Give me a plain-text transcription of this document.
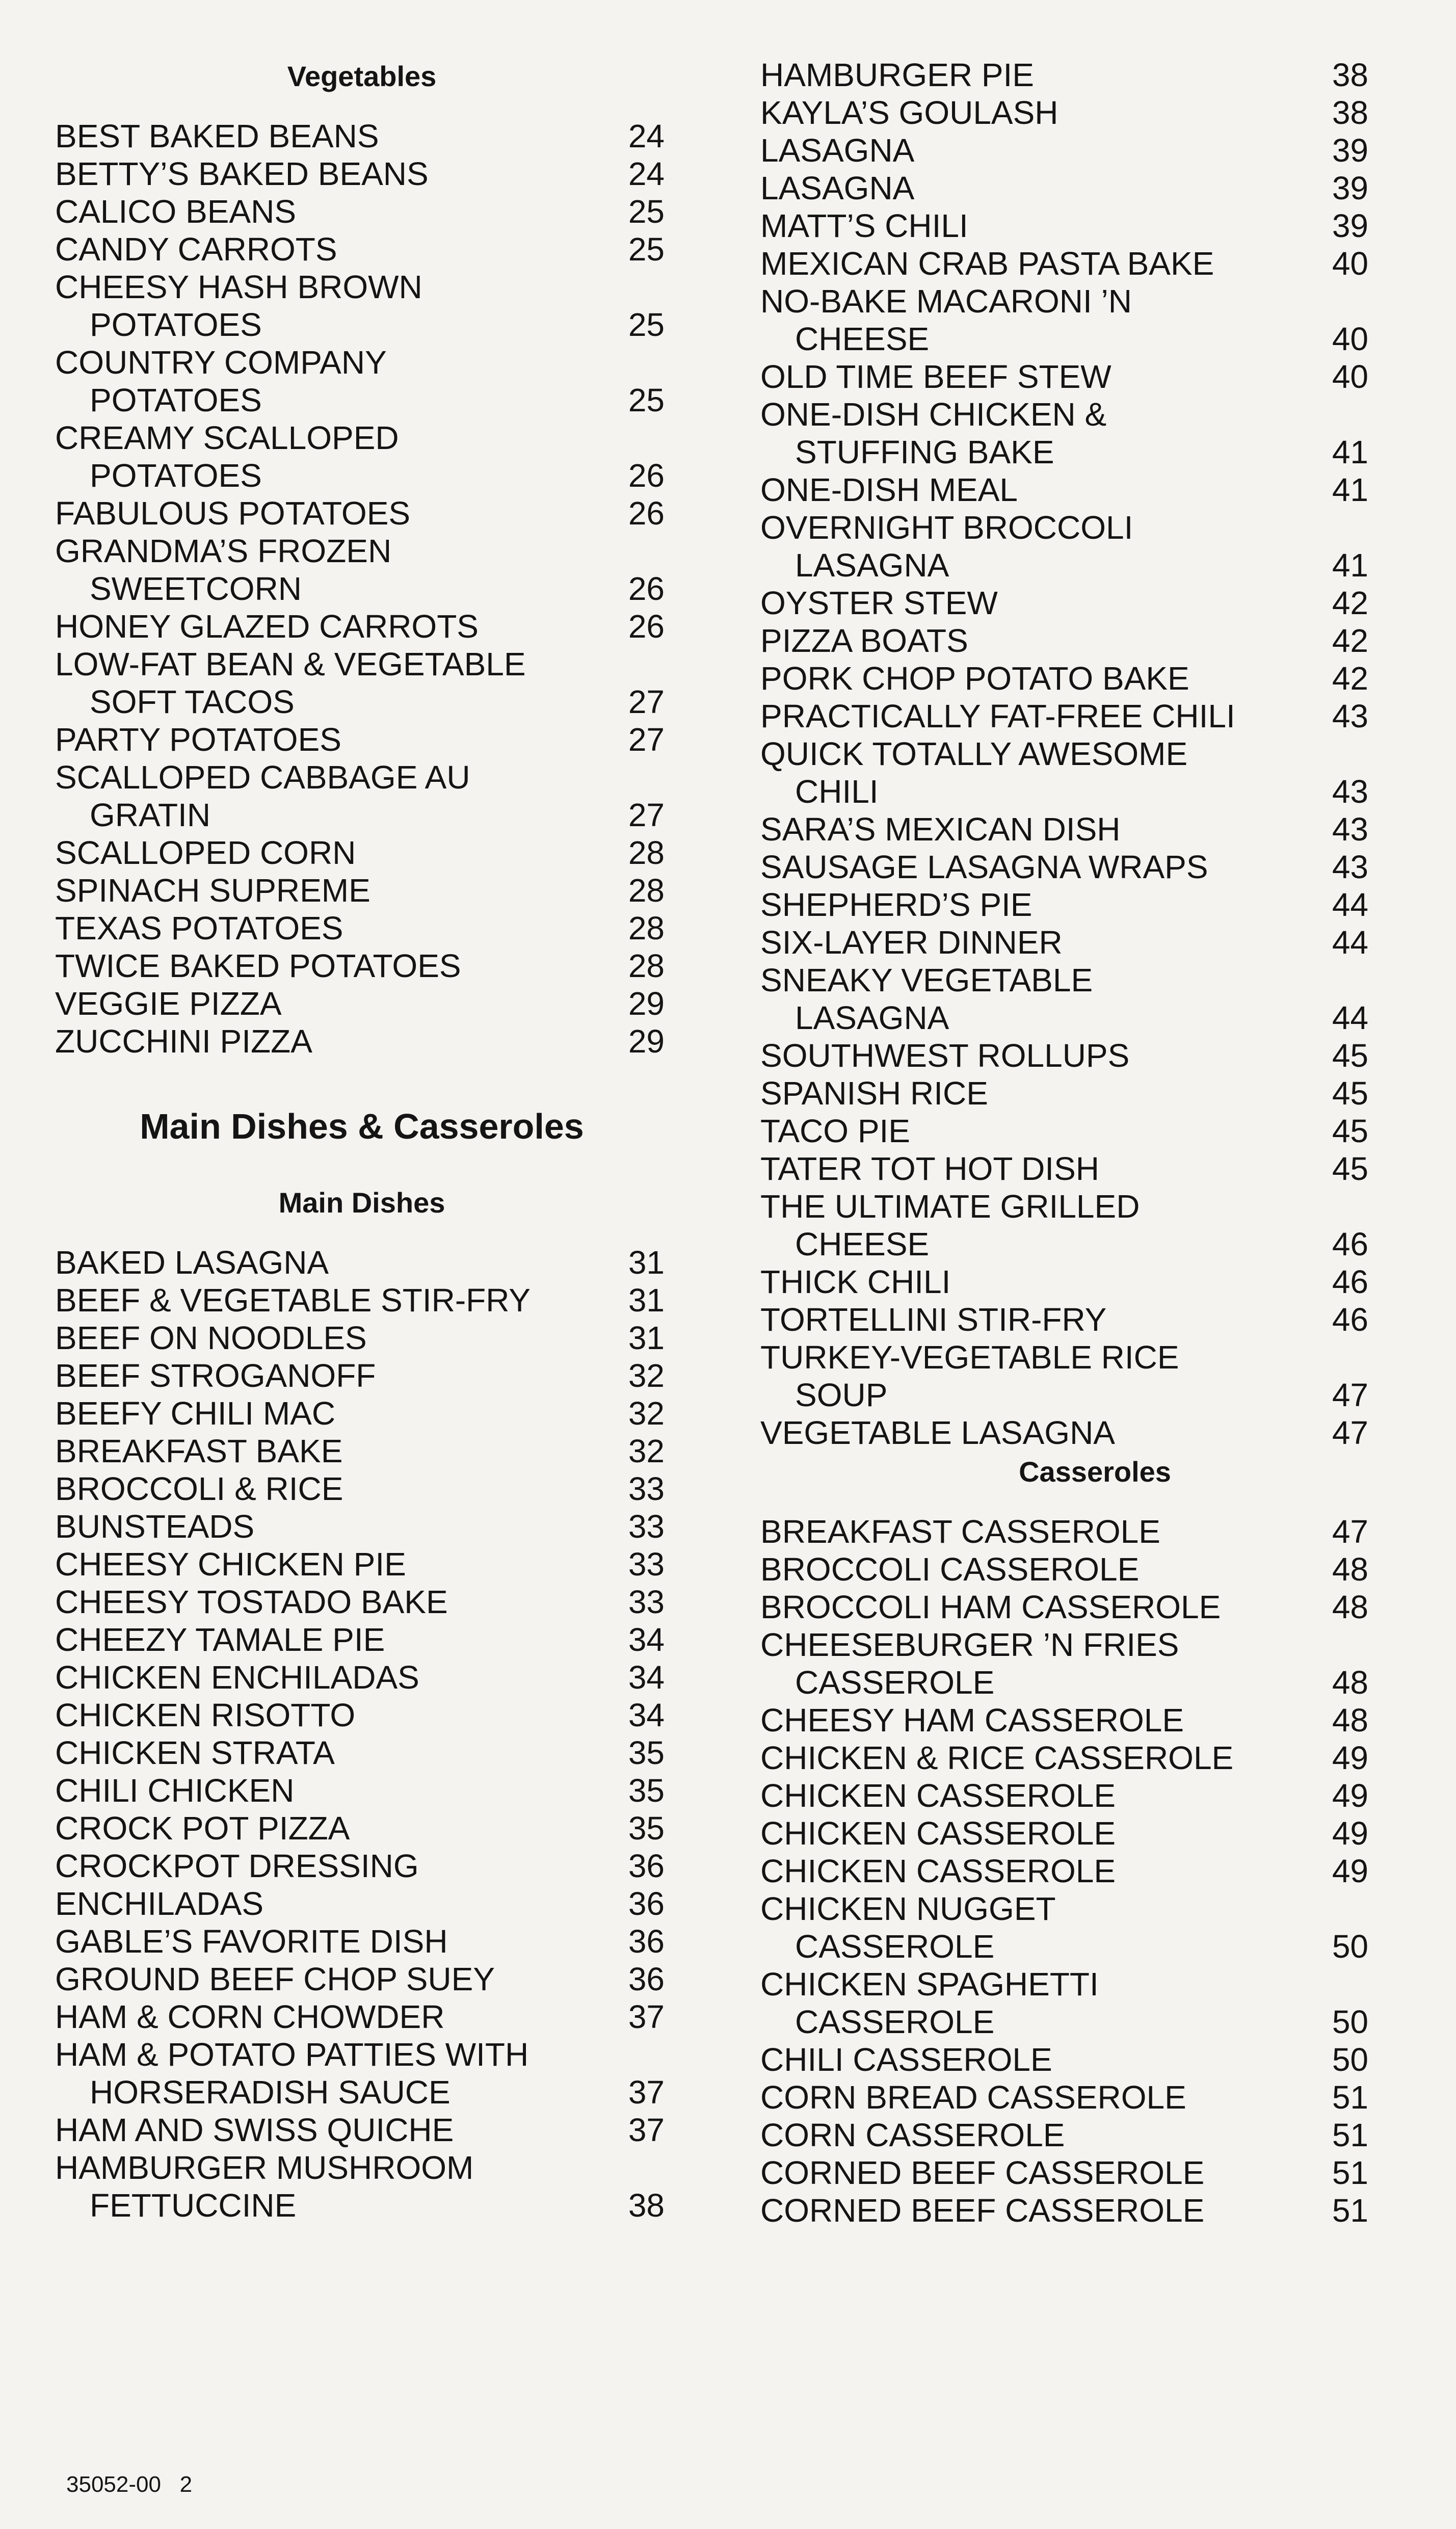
Vegetables
BEST BAKED BEANS	24
BETTY’S BAKED BEANS	24
CALICO BEANS	25
CANDY CARROTS	25
CHEESY HASH BROWN
POTATOES	25
COUNTRY COMPANY
POTATOES	25
CREAMY SCALLOPED
POTATOES	26
FABULOUS POTATOES	26
GRANDMA’S FROZEN
SWEETCORN	26
HONEY GLAZED CARROTS	26
LOW-FAT BEAN & VEGETABLE
SOFT TACOS	27
PARTY POTATOES	27
SCALLOPED CABBAGE AU
GRATIN	27
SCALLOPED CORN	28
SPINACH SUPREME	28
TEXAS POTATOES	28
TWICE BAKED POTATOES	28
VEGGIE PIZZA	29
ZUCCHINI PIZZA	29
Main Dishes & Casseroles
Main Dishes
BAKED LASAGNA	31
BEEF & VEGETABLE STIR-FRY	31
BEEF ON NOODLES	31
BEEF STROGANOFF	32
BEEFY CHILI MAC	32
BREAKFAST BAKE	32
BROCCOLI & RICE	33
BUNSTEADS	33
CHEESY CHICKEN PIE	33
CHEESY TOSTADO BAKE	33
CHEEZY TAMALE PIE	34
CHICKEN ENCHILADAS	34
CHICKEN RISOTTO	34
CHICKEN STRATA	35
CHILI CHICKEN	35
CROCK POT PIZZA	35
CROCKPOT DRESSING	36
ENCHILADAS	36
GABLE’S FAVORITE DISH	36
GROUND BEEF CHOP SUEY	36
HAM & CORN CHOWDER	37
HAM & POTATO PATTIES WITH
HORSERADISH SAUCE	37
HAM AND SWISS QUICHE	37
HAMBURGER MUSHROOM
FETTUCCINE	38
HAMBURGER PIE	38
KAYLA’S GOULASH	38
LASAGNA	39
LASAGNA	39
MATT’S CHILI	39
MEXICAN CRAB PASTA BAKE	40
NO-BAKE MACARONI ’N
CHEESE	40
OLD TIME BEEF STEW	40
ONE-DISH CHICKEN &
STUFFING BAKE	41
ONE-DISH MEAL	41
OVERNIGHT BROCCOLI
LASAGNA	41
OYSTER STEW	42
PIZZA BOATS	42
PORK CHOP POTATO BAKE	42
PRACTICALLY FAT-FREE CHILI	43
QUICK TOTALLY AWESOME
CHILI	43
SARA’S MEXICAN DISH	43
SAUSAGE LASAGNA WRAPS	43
SHEPHERD’S PIE	44
SIX-LAYER DINNER	44
SNEAKY VEGETABLE
LASAGNA	44
SOUTHWEST ROLLUPS	45
SPANISH RICE	45
TACO PIE	45
TATER TOT HOT DISH	45
THE ULTIMATE GRILLED
CHEESE	46
THICK CHILI	46
TORTELLINI STIR-FRY	46
TURKEY-VEGETABLE RICE
SOUP	47
VEGETABLE LASAGNA	47
Casseroles
BREAKFAST CASSEROLE	47
BROCCOLI CASSEROLE	48
BROCCOLI HAM CASSEROLE	48
CHEESEBURGER ’N FRIES
CASSEROLE	48
CHEESY HAM CASSEROLE	48
CHICKEN & RICE CASSEROLE	49
CHICKEN CASSEROLE	49
CHICKEN CASSEROLE	49
CHICKEN CASSEROLE	49
CHICKEN NUGGET
CASSEROLE	50
CHICKEN SPAGHETTI
CASSEROLE	50
CHILI CASSEROLE	50
CORN BREAD CASSEROLE	51
CORN CASSEROLE	51
CORNED BEEF CASSEROLE	51
CORNED BEEF CASSEROLE	51
35052-00 2
